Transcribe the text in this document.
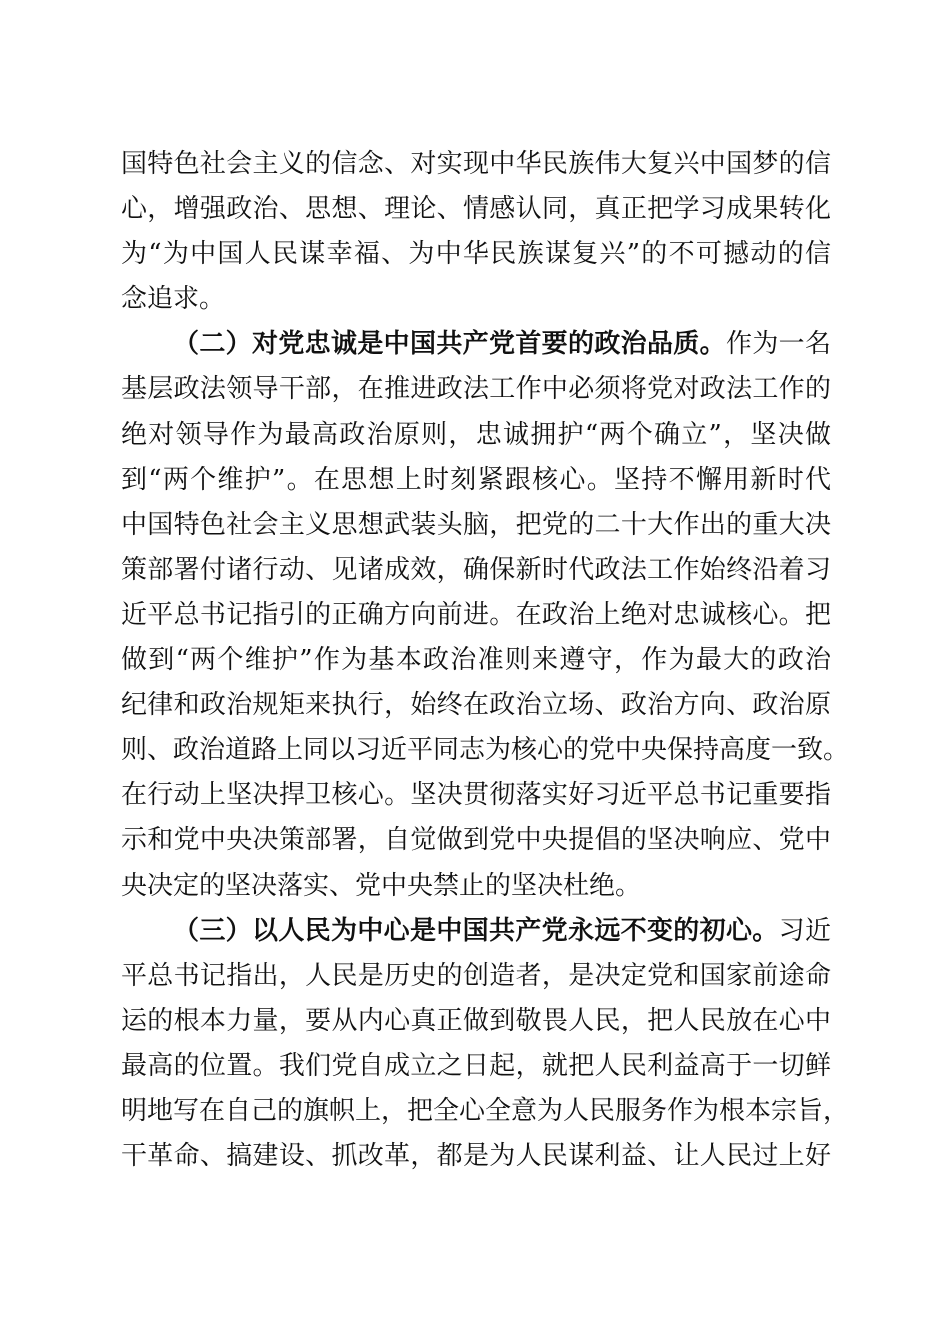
国特色社会主义的信念、对实现中华民族伟大复兴中国梦的信
心，增强政治、思想、理论、情感认同，真正把学习成果转化
为“为中国人民谋幸福、为中华民族谋复兴”的不可撼动的信
念追求。
（二）对党忠诚是中国共产党首要的政治品质。作为一名
基层政法领导干部，在推进政法工作中必须将党对政法工作的
绝对领导作为最高政治原则，忠诚拥护“两个确立”，坚决做
到“两个维护”。在思想上时刻紧跟核心。坚持不懈用新时代
中国特色社会主义思想武装头脑，把党的二十大作出的重大决
策部署付诸行动、见诸成效，确保新时代政法工作始终沿着习
近平总书记指引的正确方向前进。在政治上绝对忠诚核心。把
做到“两个维护”作为基本政治准则来遵守，作为最大的政治
纪律和政治规矩来执行，始终在政治立场、政治方向、政治原
则、政治道路上同以习近平同志为核心的党中央保持高度一致。
在行动上坚决捍卫核心。坚决贯彻落实好习近平总书记重要指
示和党中央决策部署，自觉做到党中央提倡的坚决响应、党中
央决定的坚决落实、党中央禁止的坚决杜绝。
（三）以人民为中心是中国共产党永远不变的初心。习近
平总书记指出，人民是历史的创造者，是决定党和国家前途命
运的根本力量，要从内心真正做到敬畏人民，把人民放在心中
最高的位置。我们党自成立之日起，就把人民利益高于一切鲜
明地写在自己的旗帜上，把全心全意为人民服务作为根本宗旨，
干革命、搞建设、抓改革，都是为人民谋利益、让人民过上好
